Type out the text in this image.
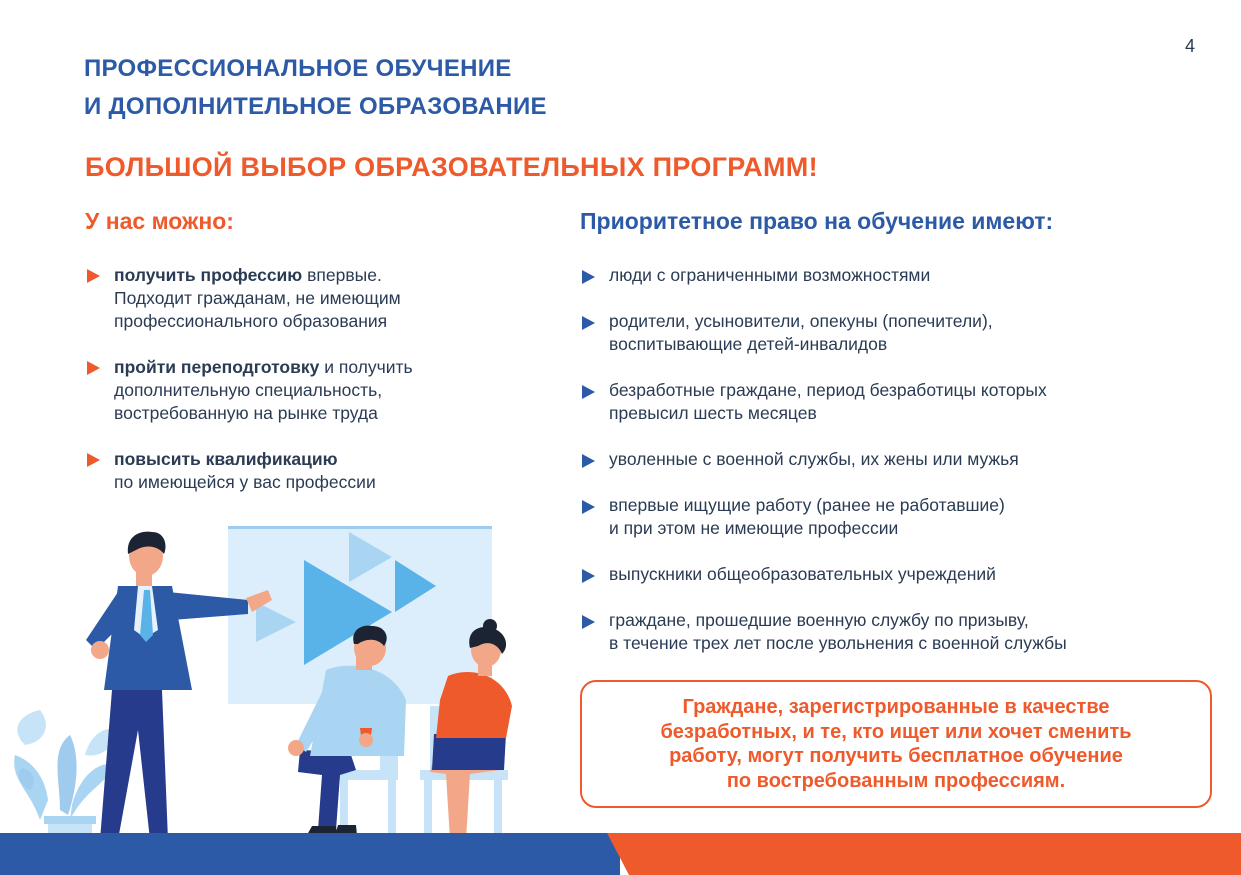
4
ПРОФЕССИОНАЛЬНОЕ ОБУЧЕНИЕ
И ДОПОЛНИТЕЛЬНОЕ ОБРАЗОВАНИЕ
БОЛЬШОЙ ВЫБОР ОБРАЗОВАТЕЛЬНЫХ ПРОГРАММ!
У нас можно:	Приоритетное право на обучение имеют:
получить профессию впервые.
Подходит гражданам, не имеющим
профессионального образования
пройти переподготовку и получить
дополнительную специальность,
востребованную на рынке труда
повысить квалификацию
по имеющейся у вас профессии
люди с ограниченными возможностями
родители, усыновители, опекуны (попечители),
воспитывающие детей-инвалидов
безработные граждане, период безработицы которых
превысил шесть месяцев
уволенные с военной службы, их жены или мужья
впервые ищущие работу (ранее не работавшие)
и при этом не имеющие профессии
выпускники общеобразовательных учреждений
граждане, прошедшие военную службу по призыву,
в течение трех лет после увольнения с военной службы
Граждане, зарегистрированные в качестве
безработных, и те, кто ищет или хочет сменить
работу, могут получить бесплатное обучение
по востребованным профессиям.
